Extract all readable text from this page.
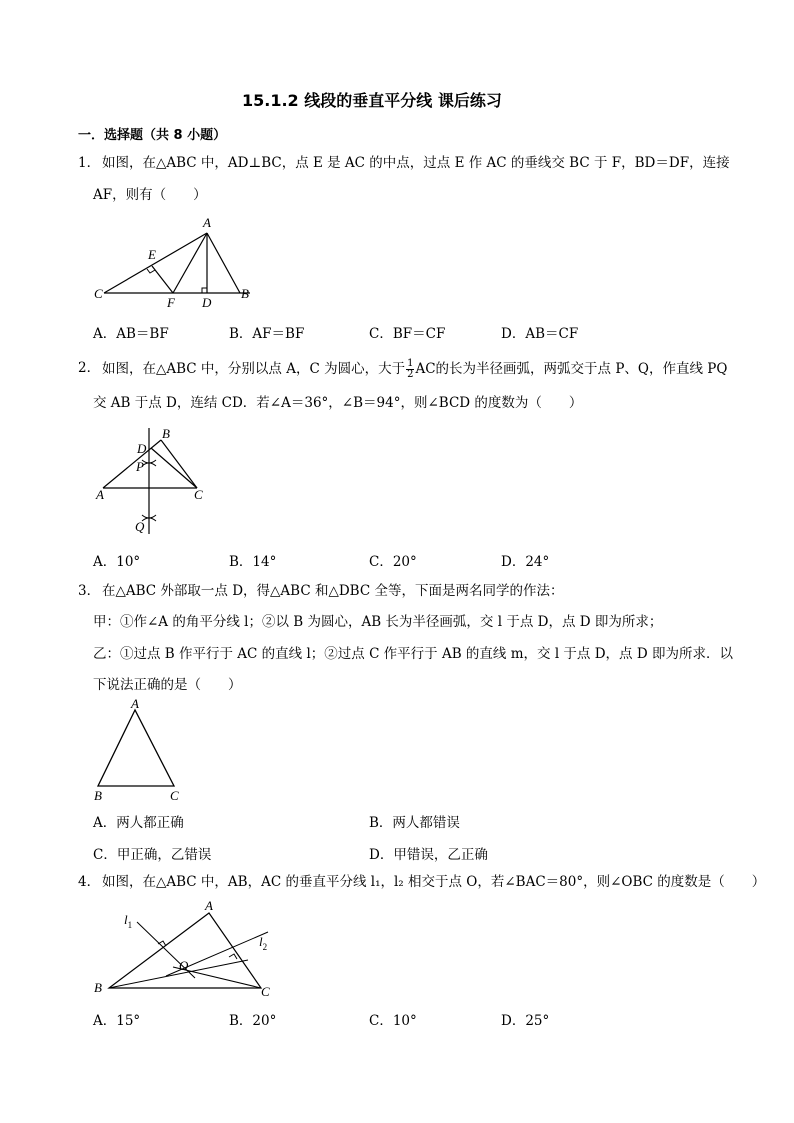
15.1.2 线段的垂直平分线 课后练习
一．选择题（共 8 小题）
1． 如图，在△ABC 中，AD⊥BC，点 E 是 AC 的中点，过点 E 作 AC 的垂线交 BC 于 F，BD＝DF，连接
AF，则有（　　）
A
E
C
F D
B
A．AB＝BF	B．AF＝BF	C．BF＝CF	D．AB＝CF
2． 如图，在△ABC 中，分别以点 A，C 为圆心，大于 $\frac{1}{2}$ AC的长为半径画弧，两弧交于点 P、Q，作直线 PQ
交 AB 于点 D，连结 CD．若∠A＝36°，∠B＝94°，则∠BCD 的度数为（　　）
B
D
P
A	C
Q
A．10°	B．14°	C．20°	D．24°
3． 在△ABC 外部取一点 D，得△ABC 和△DBC 全等，下面是两名同学的作法：
甲：①作∠A 的角平分线 l；②以 B 为圆心，AB 长为半径画弧，交 l 于点 D，点 D 即为所求；
乙：①过点 B 作平行于 AC 的直线 l；②过点 C 作平行于 AB 的直线 m，交 l 于点 D，点 D 即为所求．以
下说法正确的是（　　）
A
B	C
A．两人都正确	B．两人都错误
C．甲正确，乙错误	D．甲错误，乙正确
4． 如图，在△ABC 中，AB，AC 的垂直平分线 l₁，l₂ 相交于点 O，若∠BAC＝80°，则∠OBC 的度数是（　　）
A
$l_1$
$l_2$
O
B	C
A．15°	B．20°	C．10°	D．25°
